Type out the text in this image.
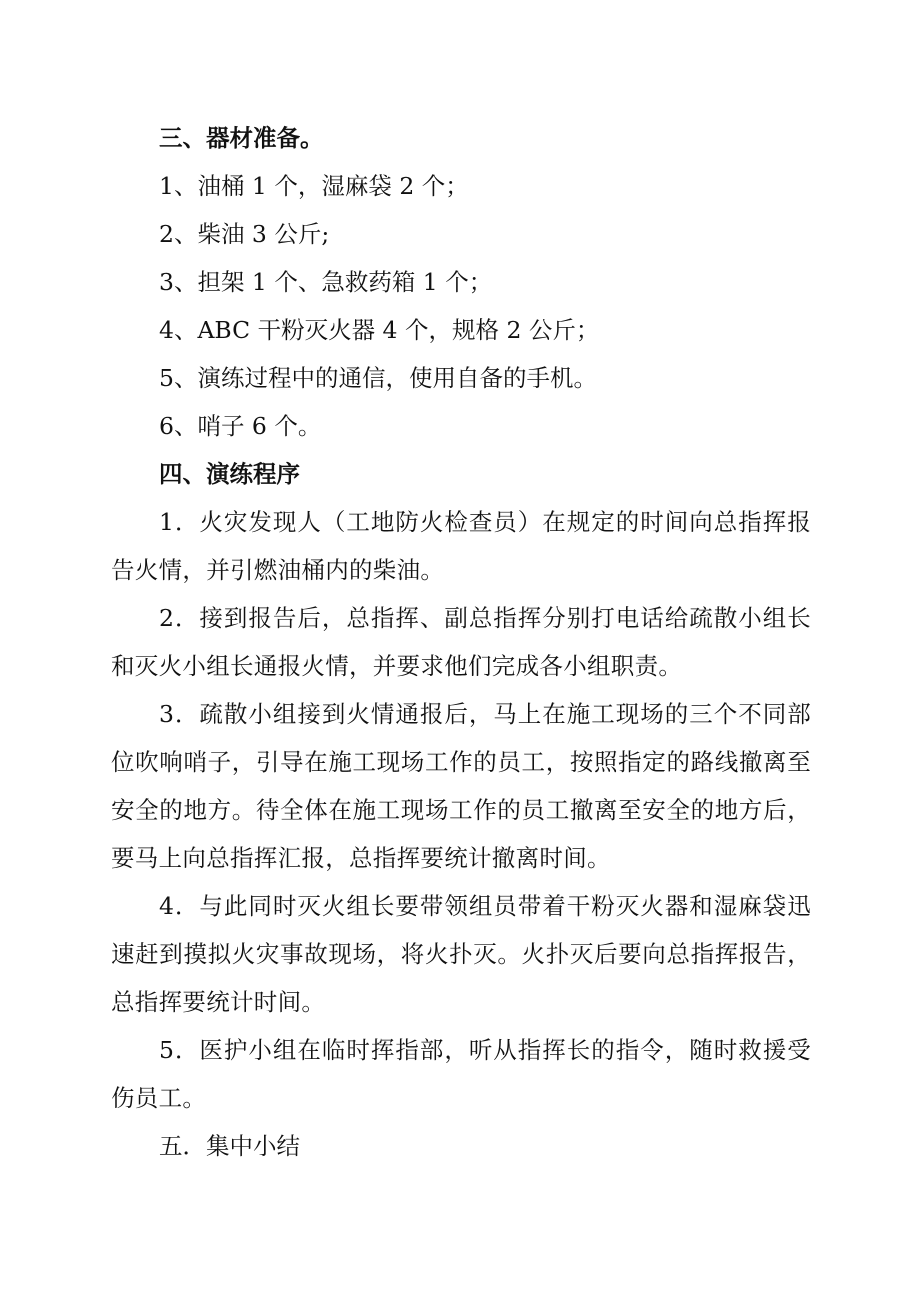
三、器材准备。
1、油桶 1 个，湿麻袋 2 个；
2、柴油 3 公斤;
3、担架 1 个、急救药箱 1 个；
4、ABC 干粉灭火器 4 个，规格 2 公斤；
5、演练过程中的通信，使用自备的手机。
6、哨子 6 个。
四、演练程序

1．火灾发现人（工地防火检查员）在规定的时间向总指挥报告火情，并引燃油桶内的柴油。

2．接到报告后，总指挥、副总指挥分别打电话给疏散小组长和灭火小组长通报火情，并要求他们完成各小组职责。

3．疏散小组接到火情通报后，马上在施工现场的三个不同部位吹响哨子，引导在施工现场工作的员工，按照指定的路线撤离至安全的地方。待全体在施工现场工作的员工撤离至安全的地方后，要马上向总指挥汇报，总指挥要统计撤离时间。

4．与此同时灭火组长要带领组员带着干粉灭火器和湿麻袋迅速赶到摸拟火灾事故现场，将火扑灭。火扑灭后要向总指挥报告，总指挥要统计时间。

5．医护小组在临时挥指部，听从指挥长的指令，随时救援受伤员工。

五．集中小结
